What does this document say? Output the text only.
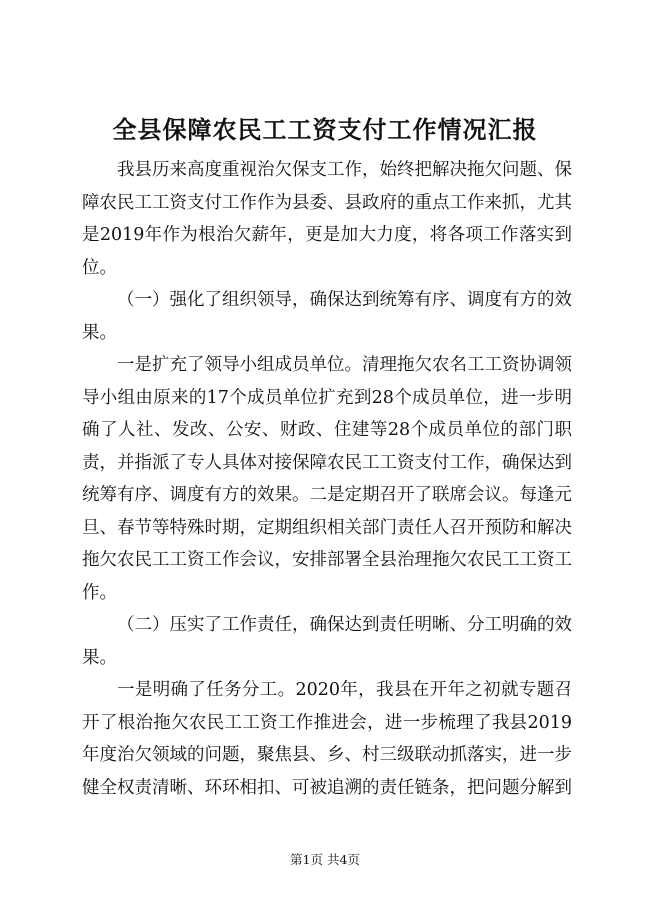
全县保障农民工工资支付工作情况汇报

我县历来高度重视治欠保支工作，始终把解决拖欠问题、保障农民工工资支付工作作为县委、县政府的重点工作来抓，尤其是2019年作为根治欠薪年，更是加大力度，将各项工作落实到位。

（一）强化了组织领导，确保达到统筹有序、调度有方的效果。

一是扩充了领导小组成员单位。清理拖欠农名工工资协调领导小组由原来的17个成员单位扩充到28个成员单位，进一步明确了人社、发改、公安、财政、住建等28个成员单位的部门职责，并指派了专人具体对接保障农民工工资支付工作，确保达到统筹有序、调度有方的效果。二是定期召开了联席会议。每逢元旦、春节等特殊时期，定期组织相关部门责任人召开预防和解决拖欠农民工工资工作会议，安排部署全县治理拖欠农民工工资工作。

（二）压实了工作责任，确保达到责任明晰、分工明确的效果。

一是明确了任务分工。2020年，我县在开年之初就专题召开了根治拖欠农民工工资工作推进会，进一步梳理了我县2019年度治欠领域的问题，聚焦县、乡、村三级联动抓落实，进一步健全权责清晰、环环相扣、可被追溯的责任链条，把问题分解到

第1页 共4页
